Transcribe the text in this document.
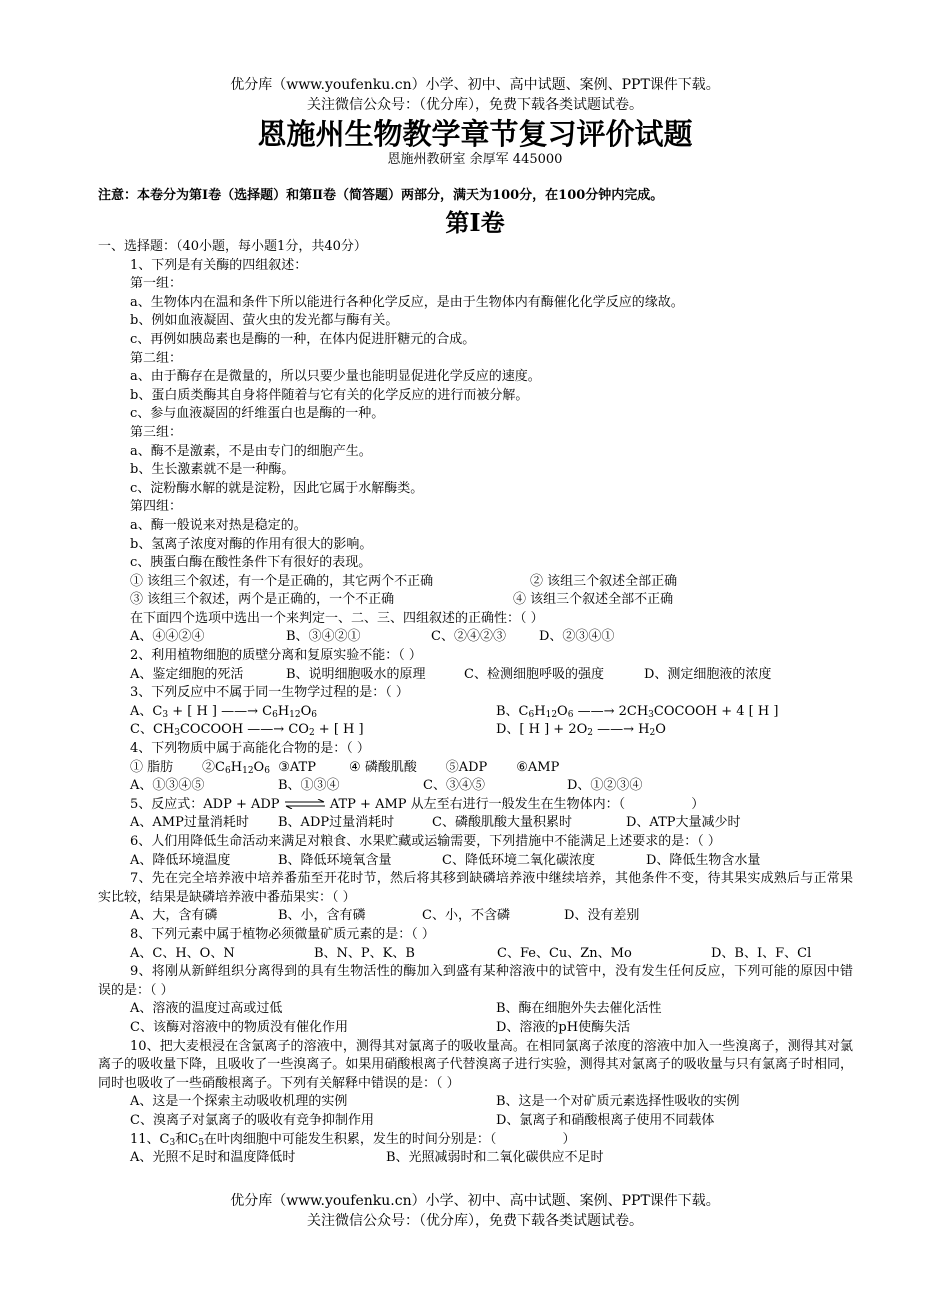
优分库（www.youfenku.cn）小学、初中、高中试题、案例、PPT课件下载。
关注微信公众号：（优分库），免费下载各类试题试卷。
恩施州生物教学章节复习评价试题
恩施州教研室 余厚军 445000
注意：本卷分为第Ⅰ卷（选择题）和第Ⅱ卷（简答题）两部分，满天为100分，在100分钟内完成。
第Ⅰ卷
一、选择题：（40小题，每小题1分，共40分）
1、下列是有关酶的四组叙述：
第一组：
a、生物体内在温和条件下所以能进行各种化学反应，是由于生物体内有酶催化化学反应的缘故。
b、例如血液凝固、萤火虫的发光都与酶有关。
c、再例如胰岛素也是酶的一种，在体内促进肝糖元的合成。
第二组：
a、由于酶存在是微量的，所以只要少量也能明显促进化学反应的速度。
b、蛋白质类酶其自身将伴随着与它有关的化学反应的进行而被分解。
c、参与血液凝固的纤维蛋白也是酶的一种。
第三组：
a、酶不是激素，不是由专门的细胞产生。
b、生长激素就不是一种酶。
c、淀粉酶水解的就是淀粉，因此它属于水解酶类。
第四组：
a、酶一般说来对热是稳定的。
b、氢离子浓度对酶的作用有很大的影响。
c、胰蛋白酶在酸性条件下有很好的表现。
① 该组三个叙述，有一个是正确的，其它两个不正确	② 该组三个叙述全部正确
③ 该组三个叙述，两个是正确的，一个不正确	④ 该组三个叙述全部不正确
在下面四个选项中选出一个来判定一、二、三、四组叙述的正确性：（ ）
A、④④②④	B、③④②①	C、②④②③	D、②③④①
2、利用植物细胞的质壁分离和复原实验不能：（ ）
A、鉴定细胞的死活	B、说明细胞吸水的原理	C、检测细胞呼吸的强度	D、测定细胞液的浓度
3、下列反应中不属于同一生物学过程的是：（ ）
A、$C_3$ + [ H ] ——→ $C_6H_{12}O_6$	B、$C_6H_{12}O_6$ ——→ $2CH_3COCOOH + 4$ [ H ]
C、$CH_3COCOOH$ ——→ $CO_2$ + [ H ]	D、[ H ] + $2O_2$ ——→ $H_2O$
4、下列物质中属于高能化合物的是：（ ）
① 脂肪       $②C_6H_{12}O_6$  ③ATP        ④ 磷酸肌酸       ⑤ADP       ⑥AMP
A、①③④⑤	B、①③④	C、③④⑤	D、①②③④
5、反应式：ADP + ADP ⇌ ATP + AMP 从左至右进行一般发生在生物体内：（                ）
A、AMP过量消耗时	B、ADP过量消耗时	C、磷酸肌酸大量积累时	D、ATP大量减少时
6、人们用降低生命活动来满足对粮食、水果贮藏或运输需要，下列措施中不能满足上述要求的是：（ ）
A、降低环境温度	B、降低环境氧含量	C、降低环境二氧化碳浓度	D、降低生物含水量
7、先在完全培养液中培养番茄至开花时节，然后将其移到缺磷培养液中继续培养，其他条件不变，待其果实成熟后与正常果实比较，结果是缺磷培养液中番茄果实：（ ）
A、大，含有磷	B、小，含有磷	C、小，不含磷	D、没有差别
8、下列元素中属于植物必须微量矿质元素的是：（ ）
A、C、H、O、N	B、N、P、K、B	C、Fe、Cu、Zn、Mo	D、B、I、F、Cl
9、将刚从新鲜组织分离得到的具有生物活性的酶加入到盛有某种溶液中的试管中，没有发生任何反应，下列可能的原因中错误的是：（ ）
A、溶液的温度过高或过低	B、酶在细胞外失去催化活性
C、该酶对溶液中的物质没有催化作用	D、溶液的pH使酶失活
10、把大麦根浸在含氯离子的溶液中，测得其对氯离子的吸收量高。在相同氯离子浓度的溶液中加入一些溴离子，测得其对氯离子的吸收量下降，且吸收了一些溴离子。如果用硝酸根离子代替溴离子进行实验，测得其对氯离子的吸收量与只有氯离子时相同，同时也吸收了一些硝酸根离子。下列有关解释中错误的是：（ ）
A、这是一个探索主动吸收机理的实例	B、这是一个对矿质元素选择性吸收的实例
C、溴离子对氯离子的吸收有竞争抑制作用	D、氯离子和硝酸根离子使用不同载体
11、$C_3$和$C_5$在叶肉细胞中可能发生积累，发生的时间分别是：（                ）
A、光照不足时和温度降低时	B、光照减弱时和二氧化碳供应不足时
优分库（www.youfenku.cn）小学、初中、高中试题、案例、PPT课件下载。
关注微信公众号：（优分库），免费下载各类试题试卷。
